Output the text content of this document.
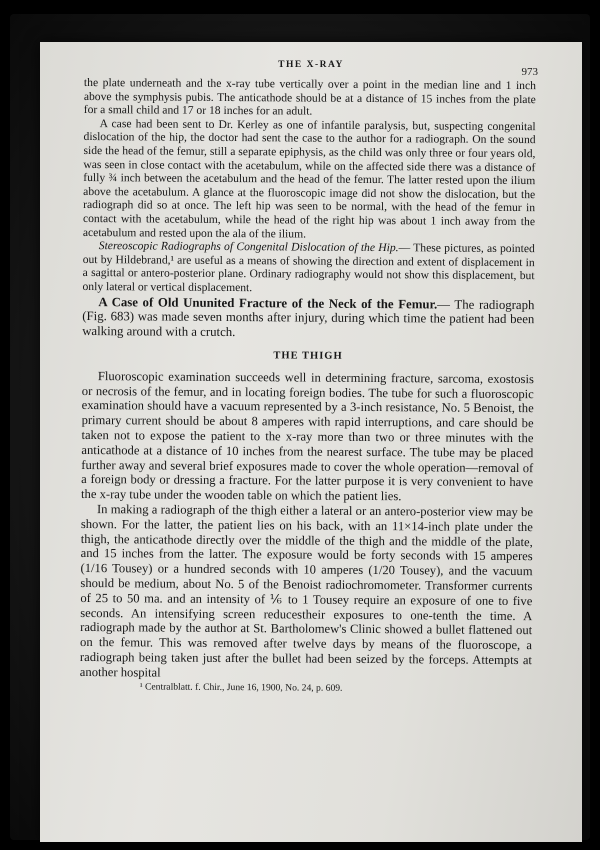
THE X-RAY
973

the plate underneath and the x-ray tube vertically over a point in the median line and 1 inch above the symphysis pubis. The anticathode should be at a distance of 15 inches from the plate for a small child and 17 or 18 inches for an adult.

A case had been sent to Dr. Kerley as one of infantile paralysis, but, suspecting congenital dislocation of the hip, the doctor had sent the case to the author for a radiograph. On the sound side the head of the femur, still a separate epiphysis, as the child was only three or four years old, was seen in close contact with the acetabulum, while on the affected side there was a distance of fully ¾ inch between the acetabulum and the head of the femur. The latter rested upon the ilium above the acetabulum. A glance at the fluoroscopic image did not show the dislocation, but the radiograph did so at once. The left hip was seen to be normal, with the head of the femur in contact with the acetabulum, while the head of the right hip was about 1 inch away from the acetabulum and rested upon the ala of the ilium.

Stereoscopic Radiographs of Congenital Dislocation of the Hip.— These pictures, as pointed out by Hildebrand,¹ are useful as a means of showing the direction and extent of displacement in a sagittal or antero-posterior plane. Ordinary radiography would not show this displacement, but only lateral or vertical displacement.

A Case of Old Ununited Fracture of the Neck of the Femur.— The radiograph (Fig. 683) was made seven months after injury, during which time the patient had been walking around with a crutch.

THE THIGH

Fluoroscopic examination succeeds well in determining fracture, sarcoma, exostosis or necrosis of the femur, and in locating foreign bodies. The tube for such a fluoroscopic examination should have a vacuum represented by a 3-inch resistance, No. 5 Benoist, the primary current should be about 8 amperes with rapid interruptions, and care should be taken not to expose the patient to the x-ray more than two or three minutes with the anticathode at a distance of 10 inches from the nearest surface. The tube may be placed further away and several brief exposures made to cover the whole operation—removal of a foreign body or dressing a fracture. For the latter purpose it is very convenient to have the x-ray tube under the wooden table on which the patient lies.

In making a radiograph of the thigh either a lateral or an antero-posterior view may be shown. For the latter, the patient lies on his back, with an 11×14-inch plate under the thigh, the anticathode directly over the middle of the thigh and the middle of the plate, and 15 inches from the latter. The exposure would be forty seconds with 15 amperes (1/16 Tousey) or a hundred seconds with 10 amperes (1/20 Tousey), and the vacuum should be medium, about No. 5 of the Benoist radiochromometer. Transformer currents of 25 to 50 ma. and an intensity of ⅙ to 1 Tousey require an exposure of one to five seconds. An intensifying screen reducestheir exposures to one-tenth the time. A radiograph made by the author at St. Bartholomew's Clinic showed a bullet flattened out on the femur. This was removed after twelve days by means of the fluoroscope, a radiograph being taken just after the bullet had been seized by the forceps. Attempts at another hospital

¹ Centralblatt. f. Chir., June 16, 1900, No. 24, p. 609.
